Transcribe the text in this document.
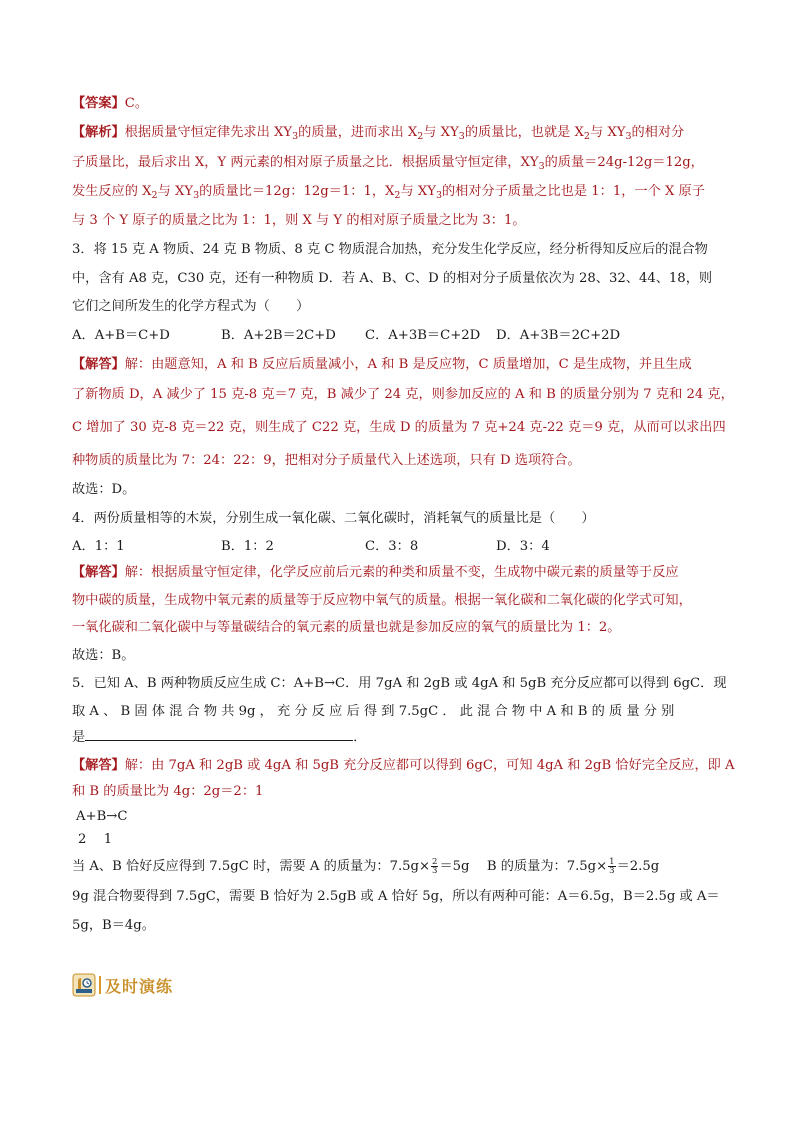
【答案】C。
【解析】根据质量守恒定律先求出 $XY_3$的质量，进而求出 $X_2$与 $XY_3$的质量比，也就是 $X_2$与 $XY_3$的相对分
子质量比，最后求出 X，Y 两元素的相对原子质量之比．根据质量守恒定律，$XY_3$的质量＝24g-12g＝12g，
发生反应的 $X_2$与 $XY_3$的质量比＝12g：12g＝1：1，$X_2$与 $XY_3$的相对分子质量之比也是 1：1，一个 X 原子
与 3 个 Y 原子的质量之比为 1：1，则 X 与 Y 的相对原子质量之比为 3：1。
3．将 15 克 A 物质、24 克 B 物质、8 克 C 物质混合加热，充分发生化学反应，经分析得知反应后的混合物
中，含有 A8 克，C30 克，还有一种物质 D．若 A、B、C、D 的相对分子质量依次为 28、32、44、18，则
它们之间所发生的化学方程式为（　　）
A．A+B＝C+D	B．A+2B＝2C+D C．A+3B＝C+2D D．A+3B＝2C+2D
【解答】解：由题意知，A 和 B 反应后质量减小，A 和 B 是反应物，C 质量增加，C 是生成物，并且生成
了新物质 D，A 减少了 15 克-8 克＝7 克，B 减少了 24 克，则参加反应的 A 和 B 的质量分别为 7 克和 24 克，
C 增加了 30 克-8 克＝22 克，则生成了 C22 克，生成 D 的质量为 7 克+24 克-22 克＝9 克，从而可以求出四
种物质的质量比为 7：24：22：9，把相对分子质量代入上述选项，只有 D 选项符合。
故选：D。
4．两份质量相等的木炭，分别生成一氧化碳、二氧化碳时，消耗氧气的质量比是（　　）
A．1：1	B．1：2	C．3：8	D．3：4
【解答】解：根据质量守恒定律，化学反应前后元素的种类和质量不变，生成物中碳元素的质量等于反应
物中碳的质量，生成物中氧元素的质量等于反应物中氧气的质量。根据一氧化碳和二氧化碳的化学式可知，
一氧化碳和二氧化碳中与等量碳结合的氧元素的质量也就是参加反应的氧气的质量比为 1：2。
故选：B。
5．已知 A、B 两种物质反应生成 C：A+B→C．用 7gA 和 2gB 或 4gA 和 5gB 充分反应都可以得到 6gC．现
取 A 、 B 固 体 混 合 物 共 9g ， 充 分 反 应 后 得 到 7.5gC ． 此 混 合 物 中 A 和 B 的 质 量 分 别
是	．
【解答】解：由 7gA 和 2gB 或 4gA 和 5gB 充分反应都可以得到 6gC，可知 4gA 和 2gB 恰好完全反应，即 A
和 B 的质量比为 4g：2g＝2：1
A+B→C
2　 1
当 A、B 恰好反应得到 7.5gC 时，需要 A 的质量为：$7.5g\times \frac{2}{3} =5g$　 B 的质量为：$7.5g\times \frac{1}{3} =2.5g$
9g 混合物要得到 7.5gC，需要 B 恰好为 2.5gB 或 A 恰好 5g，所以有两种可能：A＝6.5g，B＝2.5g 或 A＝
5g，B＝4g。
及时演练
